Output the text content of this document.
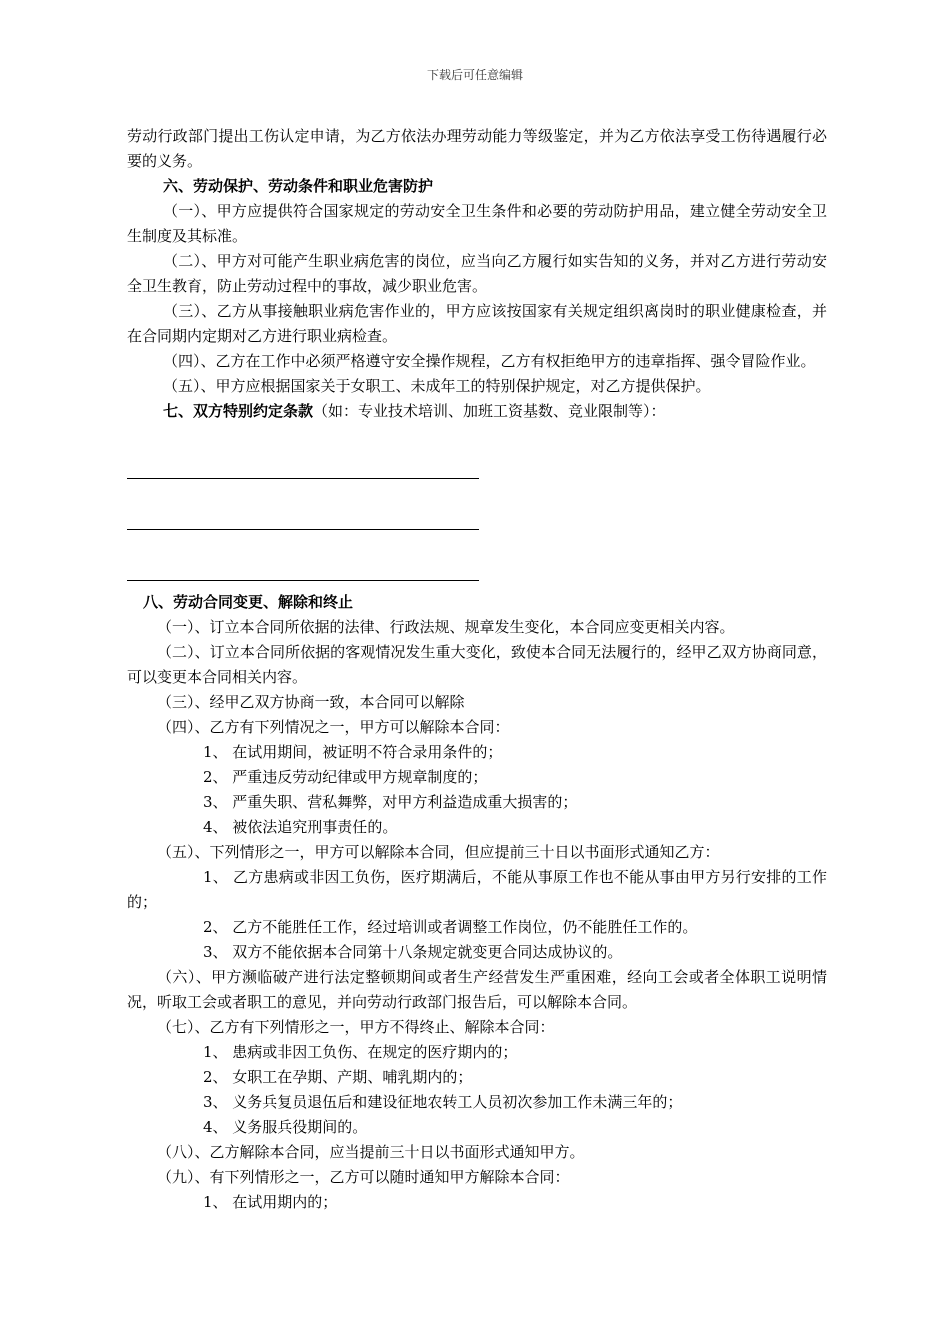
下载后可任意编辑

劳动行政部门提出工伤认定申请，为乙方依法办理劳动能力等级鉴定，并为乙方依法享受工伤待遇履行必要的义务。

六、劳动保护、劳动条件和职业危害防护

（一）、甲方应提供符合国家规定的劳动安全卫生条件和必要的劳动防护用品，建立健全劳动安全卫生制度及其标准。

（二）、甲方对可能产生职业病危害的岗位，应当向乙方履行如实告知的义务，并对乙方进行劳动安全卫生教育，防止劳动过程中的事故，减少职业危害。

（三）、乙方从事接触职业病危害作业的，甲方应该按国家有关规定组织离岗时的职业健康检查，并在合同期内定期对乙方进行职业病检查。

（四）、乙方在工作中必须严格遵守安全操作规程，乙方有权拒绝甲方的违章指挥、强令冒险作业。

（五）、甲方应根据国家关于女职工、未成年工的特别保护规定，对乙方提供保护。

七、双方特别约定条款（如：专业技术培训、加班工资基数、竞业限制等）：

八、劳动合同变更、解除和终止

（一）、订立本合同所依据的法律、行政法规、规章发生变化，本合同应变更相关内容。

（二）、订立本合同所依据的客观情况发生重大变化，致使本合同无法履行的，经甲乙双方协商同意，可以变更本合同相关内容。

（三）、经甲乙双方协商一致，本合同可以解除

（四）、乙方有下列情况之一，甲方可以解除本合同：

1、 在试用期间，被证明不符合录用条件的；

2、 严重违反劳动纪律或甲方规章制度的；

3、 严重失职、营私舞弊，对甲方利益造成重大损害的；

4、 被依法追究刑事责任的。

（五）、下列情形之一，甲方可以解除本合同，但应提前三十日以书面形式通知乙方：

1、 乙方患病或非因工负伤，医疗期满后，不能从事原工作也不能从事由甲方另行安排的工作的；

2、 乙方不能胜任工作，经过培训或者调整工作岗位，仍不能胜任工作的。

3、 双方不能依据本合同第十八条规定就变更合同达成协议的。

（六）、甲方濒临破产进行法定整顿期间或者生产经营发生严重困难，经向工会或者全体职工说明情况，听取工会或者职工的意见，并向劳动行政部门报告后，可以解除本合同。

（七）、乙方有下列情形之一，甲方不得终止、解除本合同：

1、 患病或非因工负伤、在规定的医疗期内的；

2、 女职工在孕期、产期、哺乳期内的；

3、 义务兵复员退伍后和建设征地农转工人员初次参加工作未满三年的；

4、 义务服兵役期间的。

（八）、乙方解除本合同，应当提前三十日以书面形式通知甲方。

（九）、有下列情形之一，乙方可以随时通知甲方解除本合同：

1、 在试用期内的；
